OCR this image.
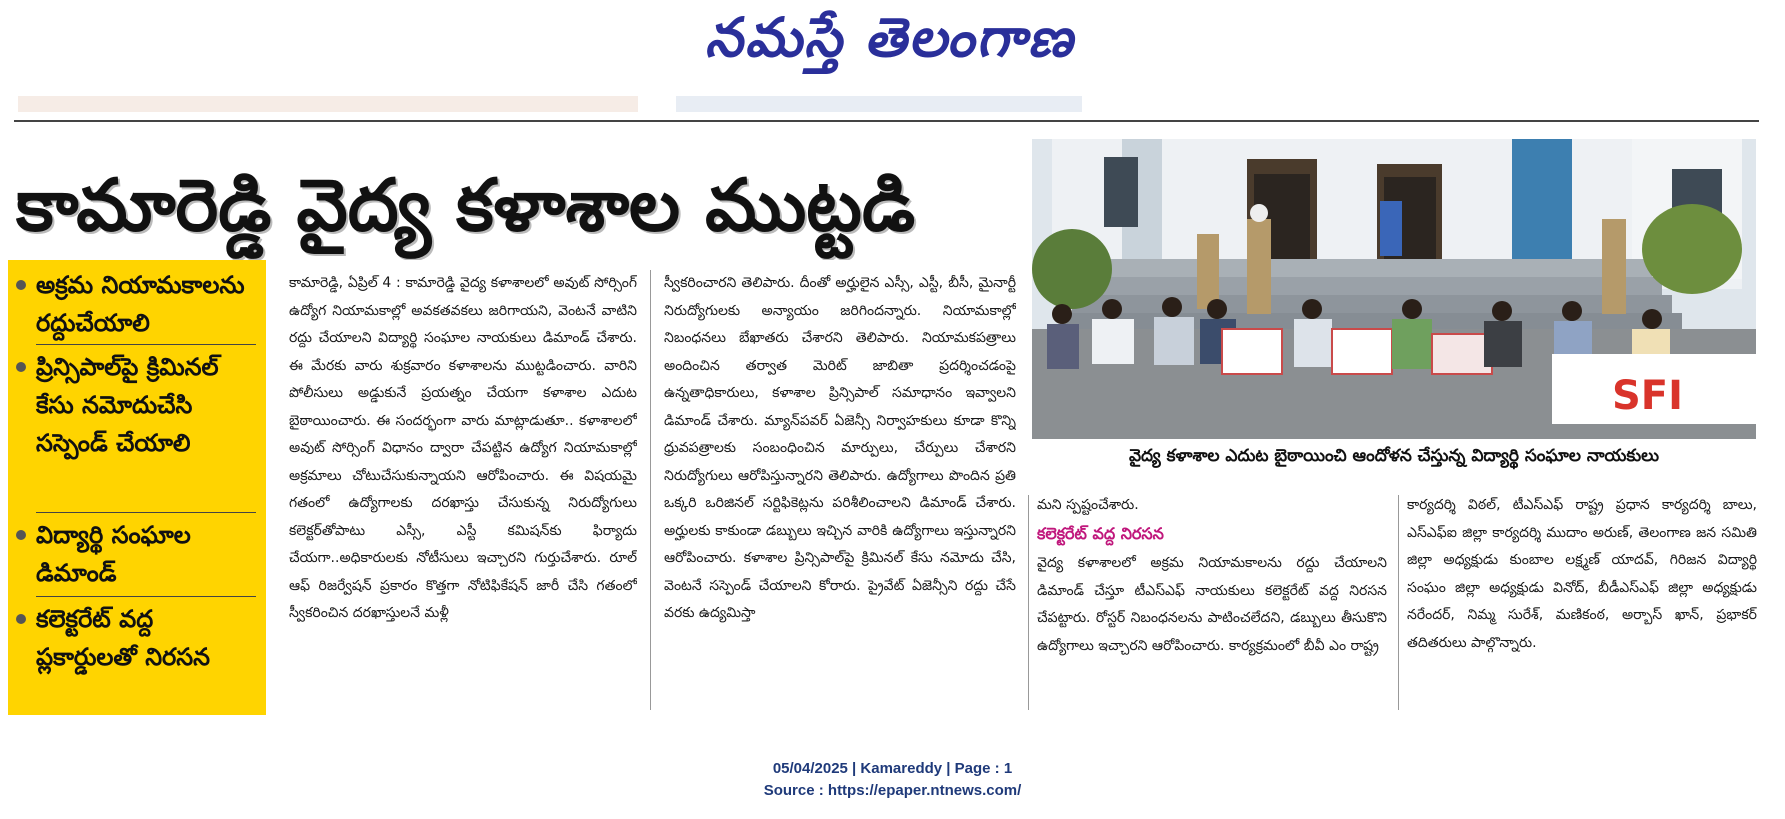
నమస్తే తెలంగాణ
కామారెడ్డి వైద్య కళాశాల ముట్టడి
SFI
వైద్య కళాశాల ఎదుట బైఠాయించి ఆందోళన చేస్తున్న విద్యార్థి సంఘాల నాయకులు
అక్రమ నియామకాలను రద్దుచేయాలి
ప్రిన్సిపాల్‌పై క్రిమినల్ కేసు నమోదుచేసి సస్పెండ్ చేయాలి
విద్యార్థి సంఘాల డిమాండ్
కలెక్టరేట్ వద్ద ప్లకార్డులతో నిరసన
కామారెడ్డి, ఏప్రిల్ 4 : కామారెడ్డి వైద్య కళాశాలలో అవుట్ సోర్సింగ్ ఉద్యోగ నియామకాల్లో అవకతవకలు జరిగాయని, వెంటనే వాటిని రద్దు చేయాలని విద్యార్థి సంఘాల నాయకులు డిమాండ్ చేశారు. ఈ మేరకు వారు శుక్రవారం కళాశాలను ముట్టడించారు. వారిని పోలీసులు అడ్డుకునే ప్రయత్నం చేయగా కళాశాల ఎదుట బైఠాయించారు. ఈ సందర్భంగా వారు మాట్లాడుతూ.. కళాశాలలో అవుట్ సోర్సింగ్ విధానం ద్వారా చేపట్టిన ఉద్యోగ నియామకాల్లో అక్రమాలు చోటుచేసుకున్నాయని ఆరోపించారు. ఈ విషయమై గతంలో ఉద్యోగాలకు దరఖాస్తు చేసుకున్న నిరుద్యోగులు కలెక్టర్‌తోపాటు ఎస్సీ, ఎస్టీ కమిషన్‌కు ఫిర్యాదు చేయగా..అధికారులకు నోటీసులు ఇచ్చారని గుర్తుచేశారు. రూల్ ఆఫ్ రిజర్వేషన్ ప్రకారం కొత్తగా నోటిఫికేషన్ జారీ చేసి గతంలో స్వీకరించిన దరఖాస్తులనే మళ్లీ
స్వీకరించారని తెలిపారు. దీంతో అర్హులైన ఎస్సీ, ఎస్టీ, బీసీ, మైనార్టీ నిరుద్యోగులకు అన్యాయం జరిగిందన్నారు. నియామకాల్లో నిబంధనలు బేఖాతరు చేశారని తెలిపారు. నియామకపత్రాలు అందించిన తర్వాత మెరిట్ జాబితా ప్రదర్శించడంపై ఉన్నతాధికారులు, కళాశాల ప్రిన్సిపాల్ సమాధానం ఇవ్వాలని డిమాండ్ చేశారు. మ్యాన్‌పవర్ ఏజెన్సీ నిర్వాహకులు కూడా కొన్ని ధ్రువపత్రాలకు సంబంధించిన మార్పులు, చేర్పులు చేశారని నిరుద్యోగులు ఆరోపిస్తున్నారని తెలిపారు. ఉద్యోగాలు పొందిన ప్రతి ఒక్కరి ఒరిజినల్ సర్టిఫికెట్లను పరిశీలించాలని డిమాండ్ చేశారు. అర్హులకు కాకుండా డబ్బులు ఇచ్చిన వారికి ఉద్యోగాలు ఇస్తున్నారని ఆరోపించారు. కళాశాల ప్రిన్సిపాల్‌పై క్రిమినల్ కేసు నమోదు చేసి, వెంటనే సస్పెండ్ చేయాలని కోరారు. ప్రైవేట్ ఏజెన్సీని రద్దు చేసే వరకు ఉద్యమిస్తా
మని స్పష్టంచేశారు.
కలెక్టరేట్ వద్ద నిరసన
వైద్య కళాశాలలో అక్రమ నియామకాలను రద్దు చేయాలని డిమాండ్ చేస్తూ టీఎస్ఎఫ్ నాయకులు కలెక్టరేట్ వద్ద నిరసన చేపట్టారు. రోస్టర్ నిబంధనలను పాటించలేదని, డబ్బులు తీసుకొని ఉద్యోగాలు ఇచ్చారని ఆరోపించారు. కార్యక్రమంలో బీవీ ఎం రాష్ట్ర
కార్యదర్శి విఠల్, టీఎస్ఎఫ్ రాష్ట్ర ప్రధాన కార్యదర్శి బాలు, ఎస్ఎఫ్ఐ జిల్లా కార్యదర్శి ముదాం అరుణ్, తెలంగాణ జన సమితి జిల్లా అధ్యక్షుడు కుంబాల లక్ష్మణ్ యాదవ్, గిరిజన విద్యార్థి సంఘం జిల్లా అధ్యక్షుడు వినోద్, బీడీఎస్ఎఫ్ జిల్లా అధ్యక్షుడు నరేందర్, నిమ్మ సురేశ్, మణికంఠ, అర్బాస్ ఖాన్, ప్రభాకర్ తదితరులు పాల్గొన్నారు.
05/04/2025 | Kamareddy | Page : 1
Source : https://epaper.ntnews.com/
